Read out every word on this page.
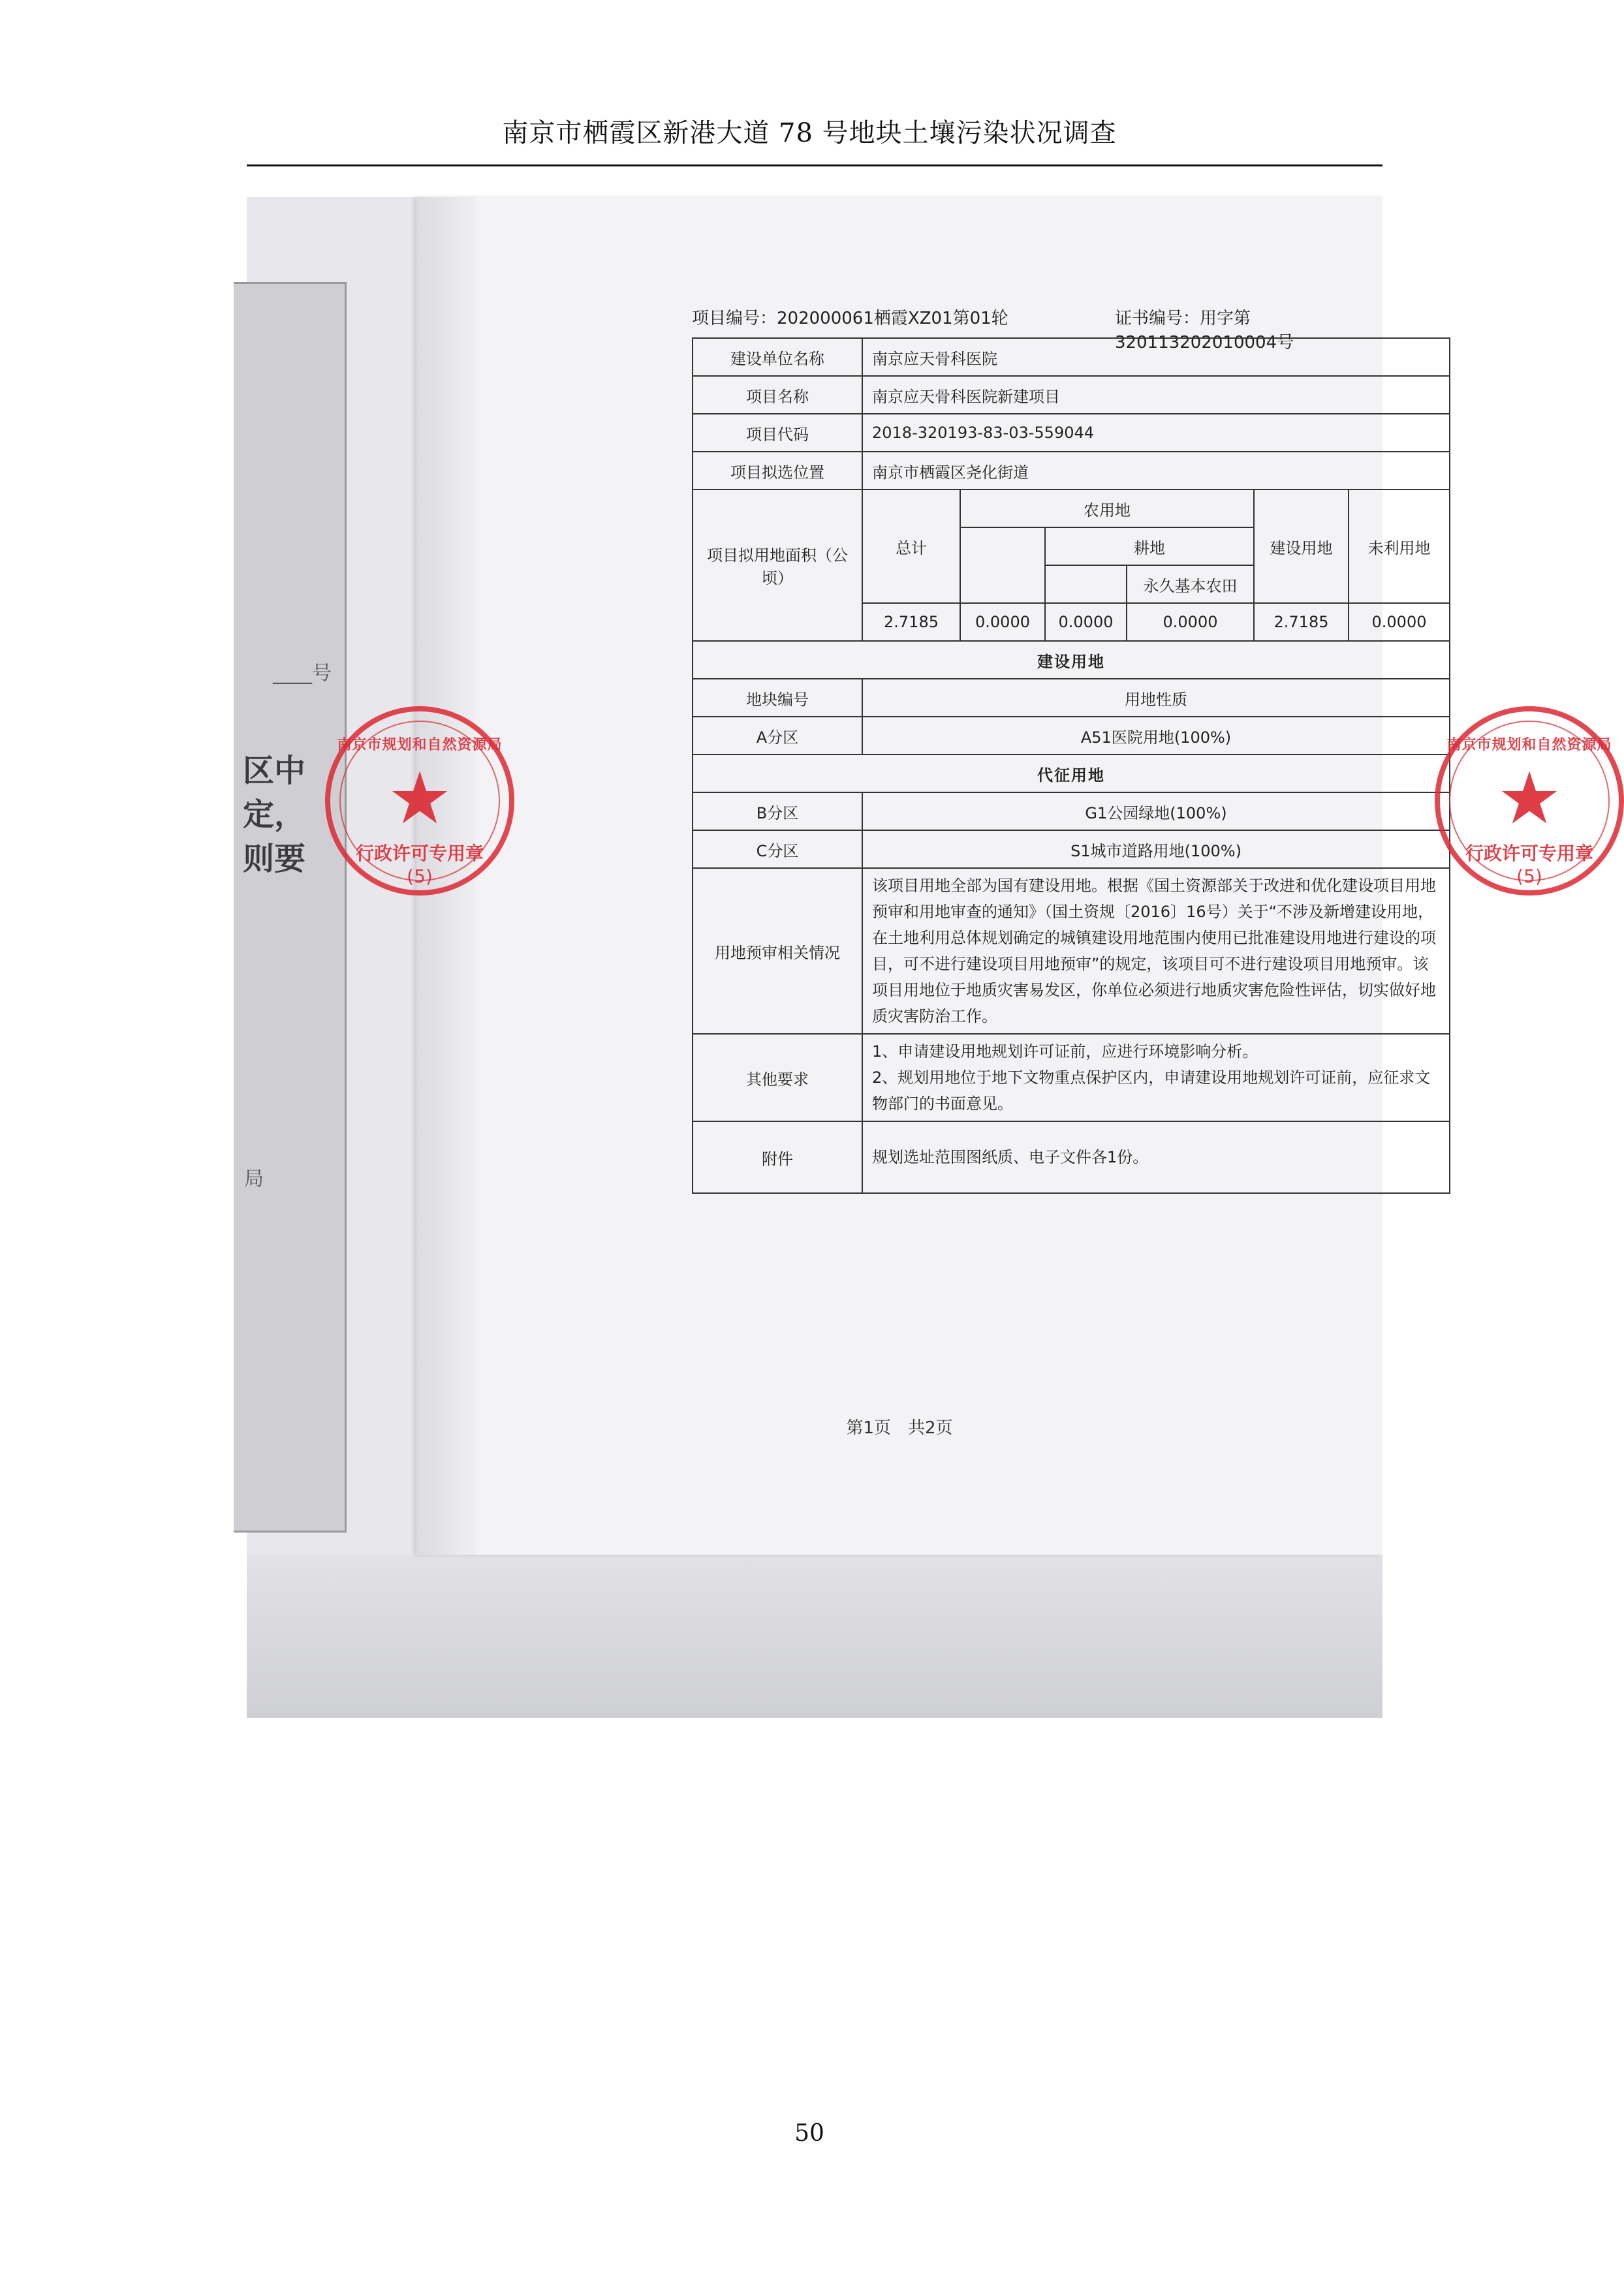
南京市栖霞区新港大道 78 号地块土壤污染状况调查
____号
区中
定，
则要
局
项目编号：202000061栖霞XZ01第01轮	证书编号：用字第320113202010004号
建设单位名称	南京应天骨科医院					
项目名称	南京应天骨科医院新建项目					
项目代码	2018-320193-83-03-559044					
项目拟选位置	南京市栖霞区尧化街道					
项目拟用地面积（公顷）	总计	农用地			建设用地	未利用地
			耕地			
				永久基本农田		
	2.7185	0.0000	0.0000	0.0000	2.7185	0.0000
建设用地						
地块编号	用地性质					
A分区	A51医院用地(100%)					
代征用地						
B分区	G1公园绿地(100%)					
C分区	S1城市道路用地(100%)					
用地预审相关情况	该项目用地全部为国有建设用地。根据《国土资源部关于改进和优化建设项目用地预审和用地审查的通知》（国土资规〔2016〕16号）关于“不涉及新增建设用地，在土地利用总体规划确定的城镇建设用地范围内使用已批准建设用地进行建设的项目，可不进行建设项目用地预审”的规定，该项目可不进行建设项目用地预审。该项目用地位于地质灾害易发区，你单位必须进行地质灾害危险性评估，切实做好地质灾害防治工作。					
其他要求	1、申请建设用地规划许可证前，应进行环境影响分析。
2、规划用地位于地下文物重点保护区内，申请建设用地规划许可证前，应征求文物部门的书面意见。					

附件	规划选址范围图纸质、电子文件各1份。					
第1页　共2页
南京市规划和自然资源局
★
行政许可专用章
(5)
南京市规划和自然资源局
★
行政许可专用章
(5)
50
